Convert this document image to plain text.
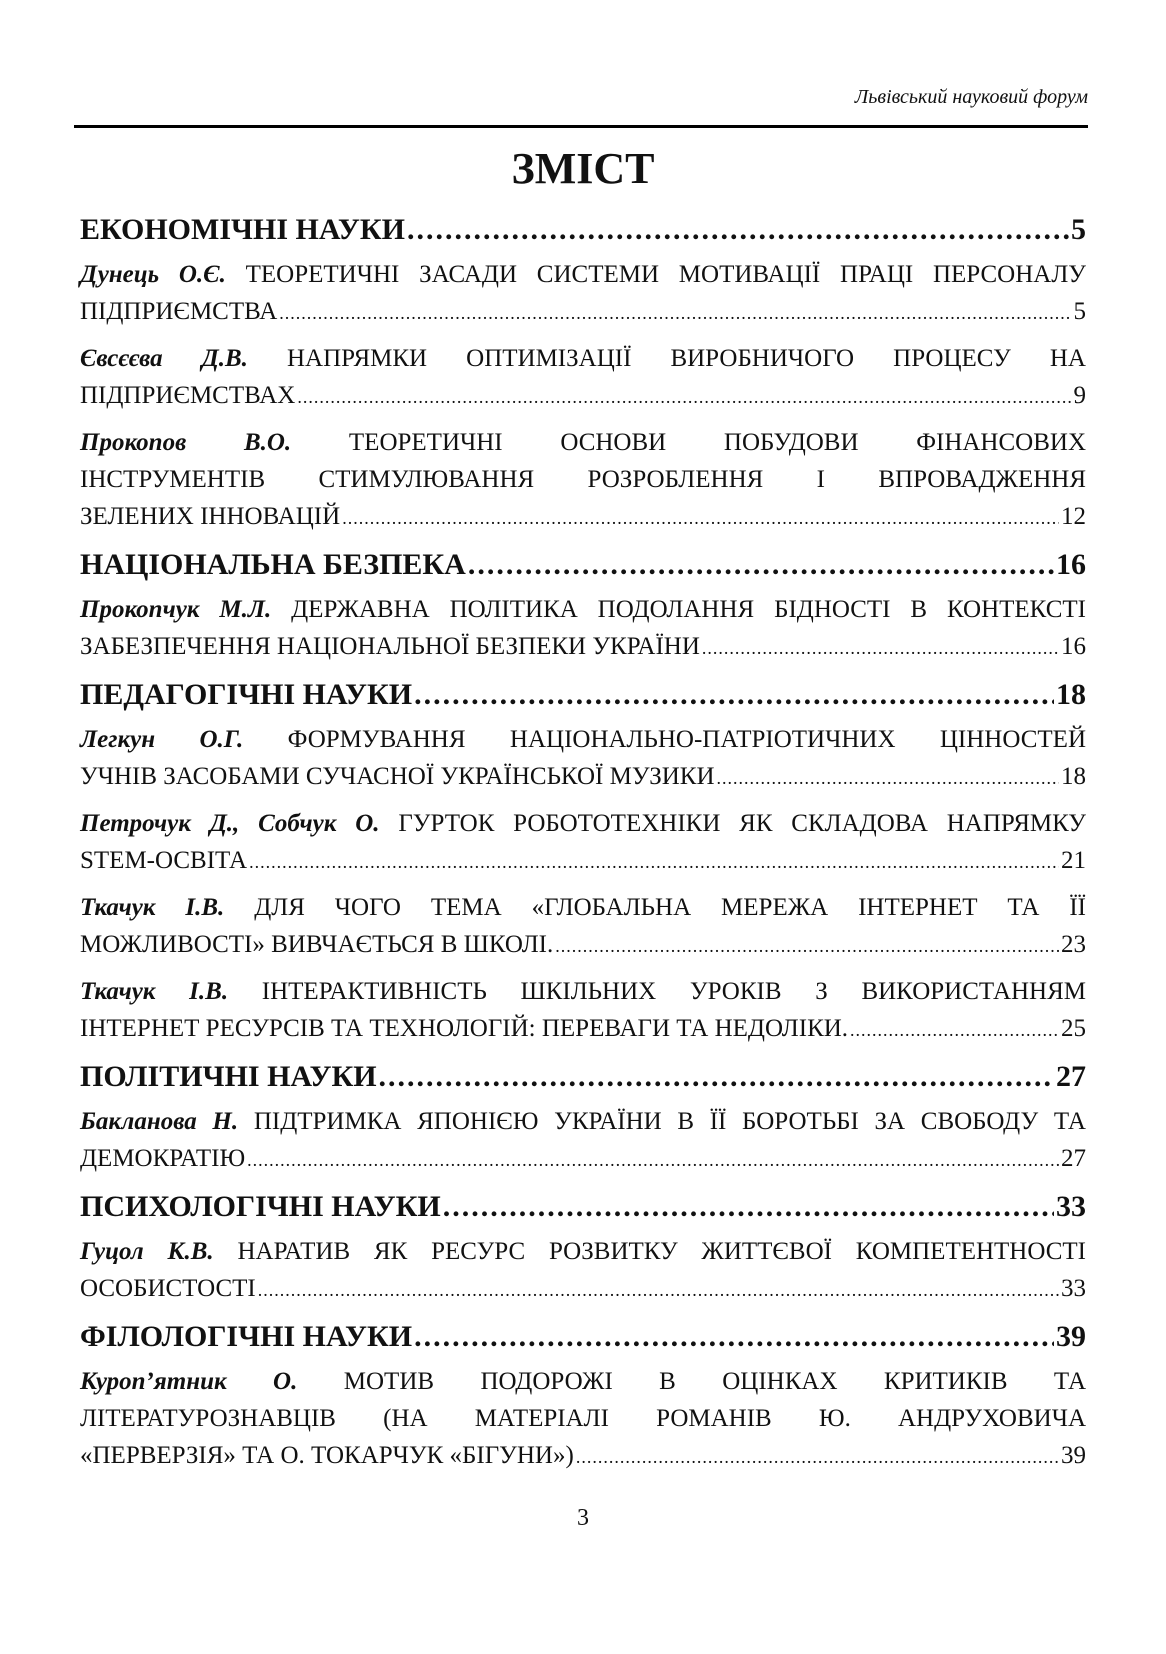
Львівський науковий форум
ЗМІСТ
ЕКОНОМІЧНІ НАУКИ .....	5
Дунець О.Є. ТЕОРЕТИЧНІ ЗАСАДИ СИСТЕМИ МОТИВАЦІЇ ПРАЦІ ПЕРСОНАЛУ
ПІДПРИЄМСТВА .....	5
Євсєєва Д.В. НАПРЯМКИ ОПТИМІЗАЦІЇ ВИРОБНИЧОГО ПРОЦЕСУ НА
ПІДПРИЄМСТВАХ .....	9
Прокопов В.О. ТЕОРЕТИЧНІ ОСНОВИ ПОБУДОВИ ФІНАНСОВИХ
ІНСТРУМЕНТІВ СТИМУЛЮВАННЯ РОЗРОБЛЕННЯ І ВПРОВАДЖЕННЯ
ЗЕЛЕНИХ ІННОВАЦІЙ .....	12
НАЦІОНАЛЬНА БЕЗПЕКА .....	16
Прокопчук М.Л. ДЕРЖАВНА ПОЛІТИКА ПОДОЛАННЯ БІДНОСТІ В КОНТЕКСТІ
ЗАБЕЗПЕЧЕННЯ НАЦІОНАЛЬНОЇ БЕЗПЕКИ УКРАЇНИ .....	16
ПЕДАГОГІЧНІ НАУКИ .....	18
Легкун О.Г. ФОРМУВАННЯ НАЦІОНАЛЬНО-ПАТРІОТИЧНИХ ЦІННОСТЕЙ
УЧНІВ ЗАСОБАМИ СУЧАСНОЇ УКРАЇНСЬКОЇ МУЗИКИ .....	18
Петрочук Д., Собчук О. ГУРТОК РОБОТОТЕХНІКИ ЯК СКЛАДОВА НАПРЯМКУ
STEM-ОСВІТА .....	21
Ткачук І.В. ДЛЯ ЧОГО ТЕМА «ГЛОБАЛЬНА МЕРЕЖА ІНТЕРНЕТ ТА ЇЇ
МОЖЛИВОСТІ» ВИВЧАЄТЬСЯ В ШКОЛІ. .....	23
Ткачук І.В. ІНТЕРАКТИВНІСТЬ ШКІЛЬНИХ УРОКІВ З ВИКОРИСТАННЯМ
ІНТЕРНЕТ РЕСУРСІВ ТА ТЕХНОЛОГІЙ: ПЕРЕВАГИ ТА НЕДОЛІКИ. .....	25
ПОЛІТИЧНІ НАУКИ .....	27
Бакланова Н. ПІДТРИМКА ЯПОНІЄЮ УКРАЇНИ В ЇЇ БОРОТЬБІ ЗА СВОБОДУ ТА
ДЕМОКРАТІЮ .....	27
ПСИХОЛОГІЧНІ НАУКИ .....	33
Гуцол К.В. НАРАТИВ ЯК РЕСУРС РОЗВИТКУ ЖИТТЄВОЇ КОМПЕТЕНТНОСТІ
ОСОБИСТОСТІ .....	33
ФІЛОЛОГІЧНІ НАУКИ .....	39
Куроп’ятник О. МОТИВ ПОДОРОЖІ В ОЦІНКАХ КРИТИКІВ ТА
ЛІТЕРАТУРОЗНАВЦІВ (НА МАТЕРІАЛІ РОМАНІВ Ю. АНДРУХОВИЧА
«ПЕРВЕРЗІЯ» ТА О. ТОКАРЧУК «БІГУНИ») .....	39
3
